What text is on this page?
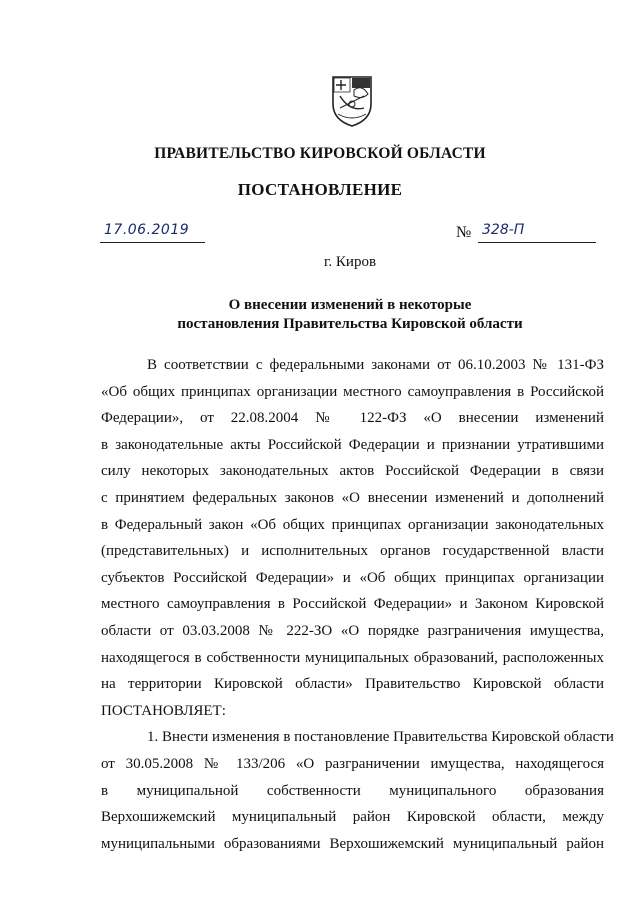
ПРАВИТЕЛЬСТВО КИРОВСКОЙ ОБЛАСТИ
ПОСТАНОВЛЕНИЕ
17.06.2019	№ 328-П
г. Киров
О внесении изменений в некоторые
постановления Правительства Кировской области
В соответствии с федеральными законами от 06.10.2003 № 131-ФЗ
«Об общих принципах организации местного самоуправления в Российской
Федерации», от 22.08.2004 № 122-ФЗ «О внесении изменений
в законодательные акты Российской Федерации и признании утратившими
силу некоторых законодательных актов Российской Федерации в связи
с принятием федеральных законов «О внесении изменений и дополнений
в Федеральный закон «Об общих принципах организации законодательных
(представительных) и исполнительных органов государственной власти
субъектов Российской Федерации» и «Об общих принципах организации
местного самоуправления в Российской Федерации» и Законом Кировской
области от 03.03.2008 № 222-ЗО «О порядке разграничения имущества,
находящегося в собственности муниципальных образований, расположенных
на территории Кировской области» Правительство Кировской области
ПОСТАНОВЛЯЕТ:
1. Внести изменения в постановление Правительства Кировской области
от 30.05.2008 № 133/206 «О разграничении имущества, находящегося
в муниципальной собственности муниципального образования
Верхошижемский муниципальный район Кировской области, между
муниципальными образованиями Верхошижемский муниципальный район
